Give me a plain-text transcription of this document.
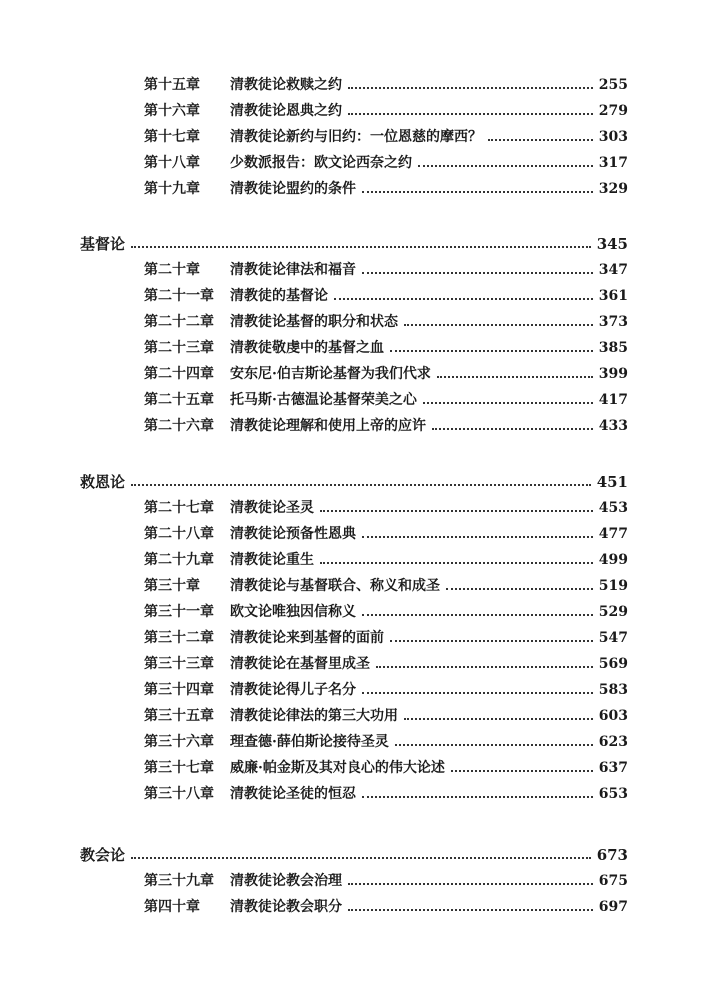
第十五章	清教徒论救赎之约	255
第十六章	清教徒论恩典之约	279
第十七章	清教徒论新约与旧约：一位恩慈的摩西？	303
第十八章	少数派报告：欧文论西奈之约	317
第十九章	清教徒论盟约的条件	329
基督论	345
第二十章	清教徒论律法和福音	347
第二十一章	清教徒的基督论	361
第二十二章	清教徒论基督的职分和状态	373
第二十三章	清教徒敬虔中的基督之血	385
第二十四章	安东尼·伯吉斯论基督为我们代求	399
第二十五章	托马斯·古德温论基督荣美之心	417
第二十六章	清教徒论理解和使用上帝的应许	433
救恩论	451
第二十七章	清教徒论圣灵	453
第二十八章	清教徒论预备性恩典	477
第二十九章	清教徒论重生	499
第三十章	清教徒论与基督联合、称义和成圣	519
第三十一章	欧文论唯独因信称义	529
第三十二章	清教徒论来到基督的面前	547
第三十三章	清教徒论在基督里成圣	569
第三十四章	清教徒论得儿子名分	583
第三十五章	清教徒论律法的第三大功用	603
第三十六章	理查德·薛伯斯论接待圣灵	623
第三十七章	威廉·帕金斯及其对良心的伟大论述	637
第三十八章	清教徒论圣徒的恒忍	653
教会论	673
第三十九章	清教徒论教会治理	675
第四十章	清教徒论教会职分	697
